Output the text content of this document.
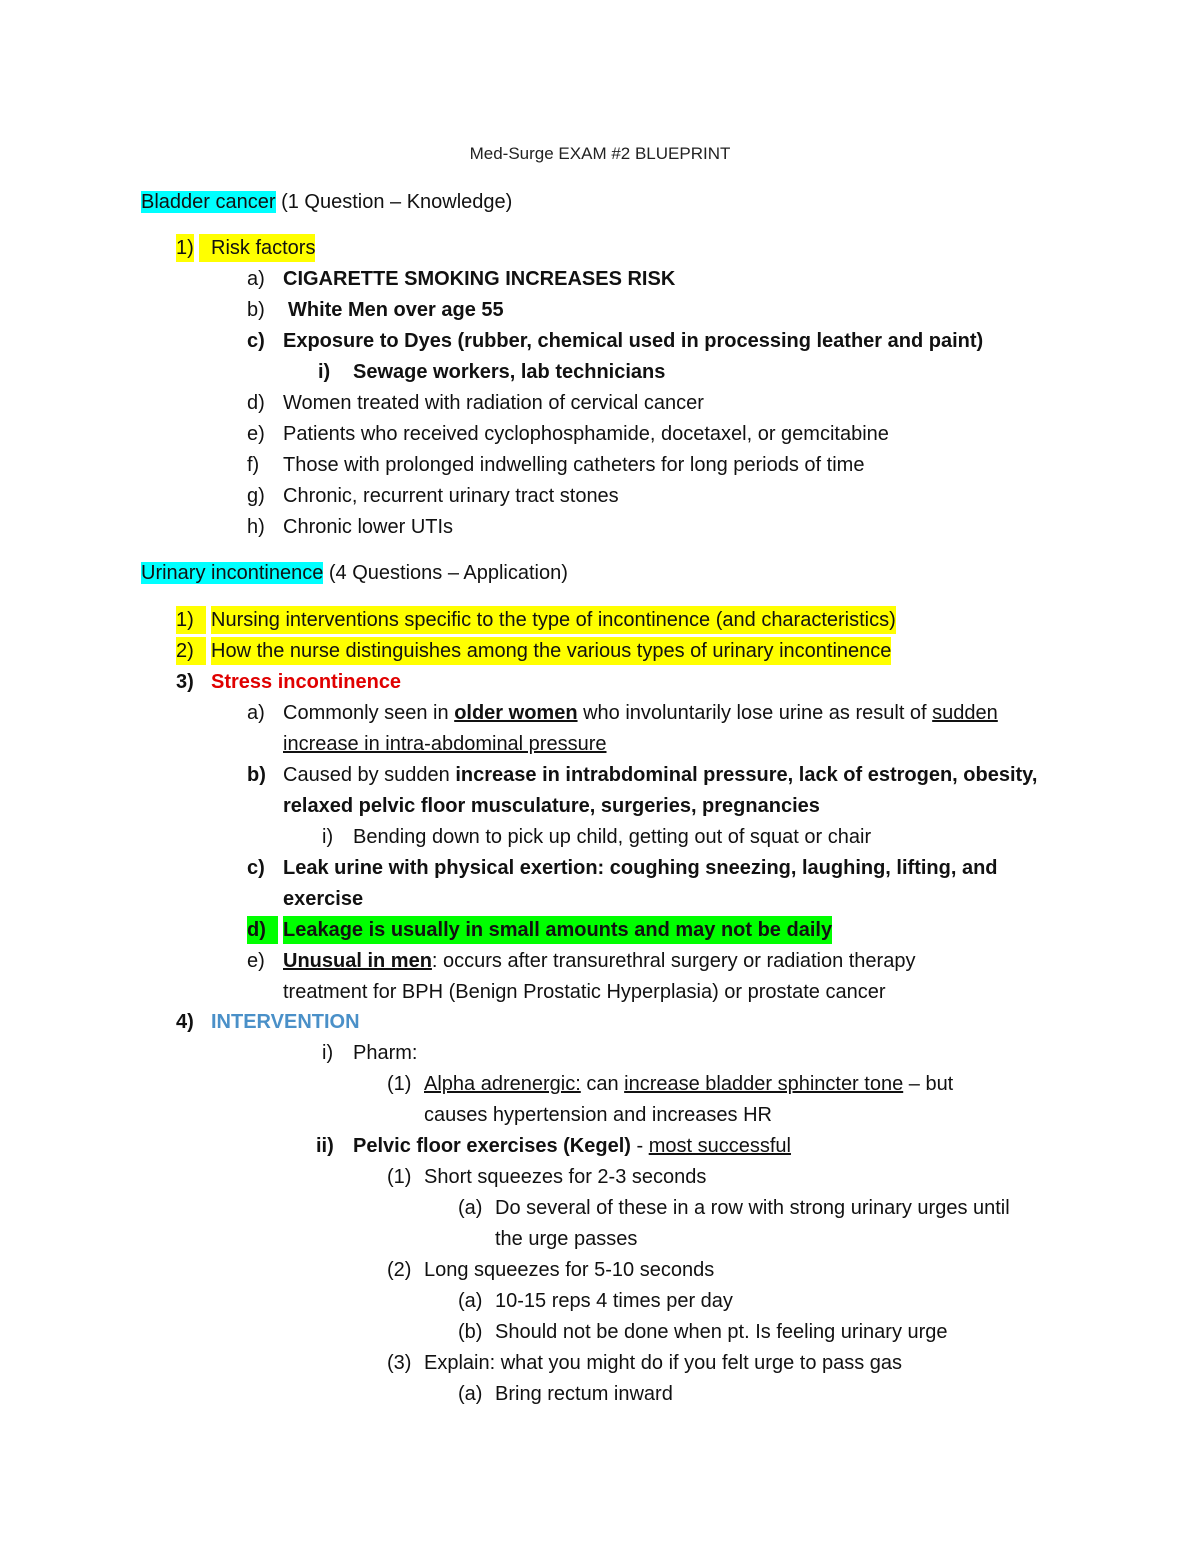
Med-Surge EXAM #2 BLUEPRINT
Bladder cancer (1 Question – Knowledge)
1) Risk factors
a) CIGARETTE SMOKING INCREASES RISK
b) White Men over age 55
c) Exposure to Dyes (rubber, chemical used in processing leather and paint)
i) Sewage workers, lab technicians
d) Women treated with radiation of cervical cancer
e) Patients who received cyclophosphamide, docetaxel, or gemcitabine
f) Those with prolonged indwelling catheters for long periods of time
g) Chronic, recurrent urinary tract stones
h) Chronic lower UTIs
Urinary incontinence (4 Questions – Application)
1) Nursing interventions specific to the type of incontinence (and characteristics)
2) How the nurse distinguishes among the various types of urinary incontinence
3) Stress incontinence
a) Commonly seen in older women who involuntarily lose urine as result of sudden
increase in intra-abdominal pressure
b) Caused by sudden increase in intrabdominal pressure, lack of estrogen, obesity,
relaxed pelvic floor musculature, surgeries, pregnancies
i) Bending down to pick up child, getting out of squat or chair
c) Leak urine with physical exertion: coughing sneezing, laughing, lifting, and
exercise
d) Leakage is usually in small amounts and may not be daily
e) Unusual in men: occurs after transurethral surgery or radiation therapy
treatment for BPH (Benign Prostatic Hyperplasia) or prostate cancer
4) INTERVENTION
i) Pharm:
(1) Alpha adrenergic: can increase bladder sphincter tone – but
causes hypertension and increases HR
ii) Pelvic floor exercises (Kegel) - most successful
(1) Short squeezes for 2-3 seconds
(a) Do several of these in a row with strong urinary urges until
the urge passes
(2) Long squeezes for 5-10 seconds
(a) 10-15 reps 4 times per day
(b) Should not be done when pt. Is feeling urinary urge
(3) Explain: what you might do if you felt urge to pass gas
(a) Bring rectum inward
